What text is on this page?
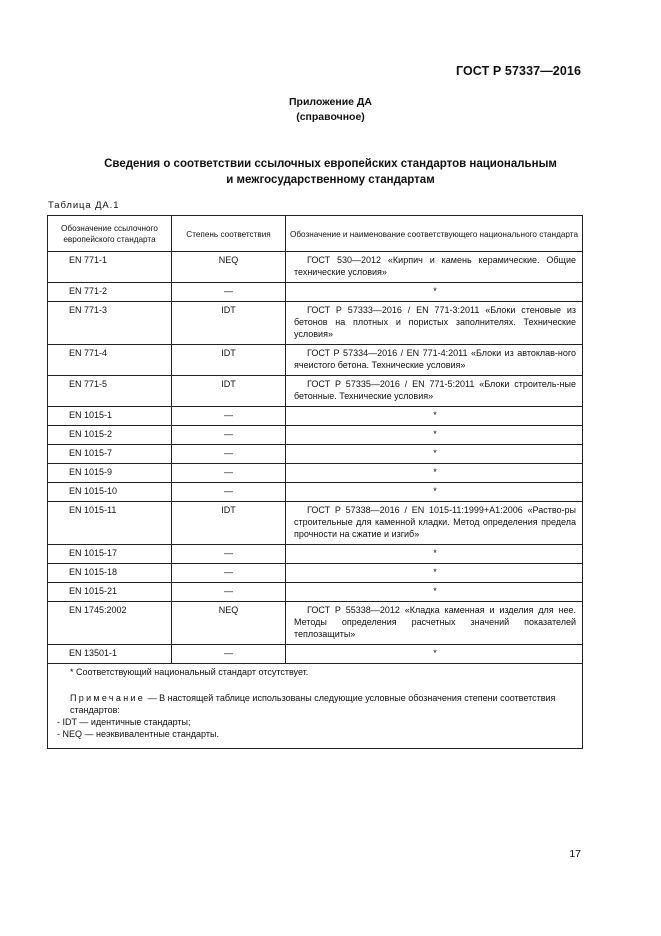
ГОСТ Р 57337—2016
Приложение ДА
(справочное)
Сведения о соответствии ссылочных европейских стандартов национальным
и межгосударственному стандартам
Таблица ДА.1
Обозначение ссылочного европейского стандарта	Степень соответствия	Обозначение и наименование соответствующего национального стандарта
EN 771-1	NEQ	ГОСТ 530—2012 «Кирпич и камень керамические. Общие технические условия»
EN 771-2	—	*
EN 771-3	IDT	ГОСТ Р 57333—2016 / EN 771-3:2011 «Блоки стеновые из бетонов на плотных и пористых заполнителях. Технические условия»
EN 771-4	IDT	ГОСТ Р 57334—2016 / EN 771-4:2011 «Блоки из автоклав-ного ячеистого бетона. Технические условия»
EN 771-5	IDT	ГОСТ Р 57335—2016 / EN 771-5:2011 «Блоки строитель-ные бетонные. Технические условия»
EN 1015-1	—	*
EN 1015-2	—	*
EN 1015-7	—	*
EN 1015-9	—	*
EN 1015-10	—	*
EN 1015-11	IDT	ГОСТ Р 57338—2016 / EN 1015-11:1999+A1:2006 «Раство-ры строительные для каменной кладки. Метод определения предела прочности на сжатие и изгиб»
EN 1015-17	—	*
EN 1015-18	—	*
EN 1015-21	—	*
EN 1745:2002	NEQ	ГОСТ Р 55338—2012 «Кладка каменная и изделия для нее. Методы определения расчетных значений показателей теплозащиты»
EN 13501-1	—	*

* Соответствующий национальный стандарт отсутствует.

Примечание — В настоящей таблице использованы следующие условные обозначения степени соответствия стандартов:

- IDT — идентичные стандарты;

- NEQ — неэквивалентные стандарты.		

17
